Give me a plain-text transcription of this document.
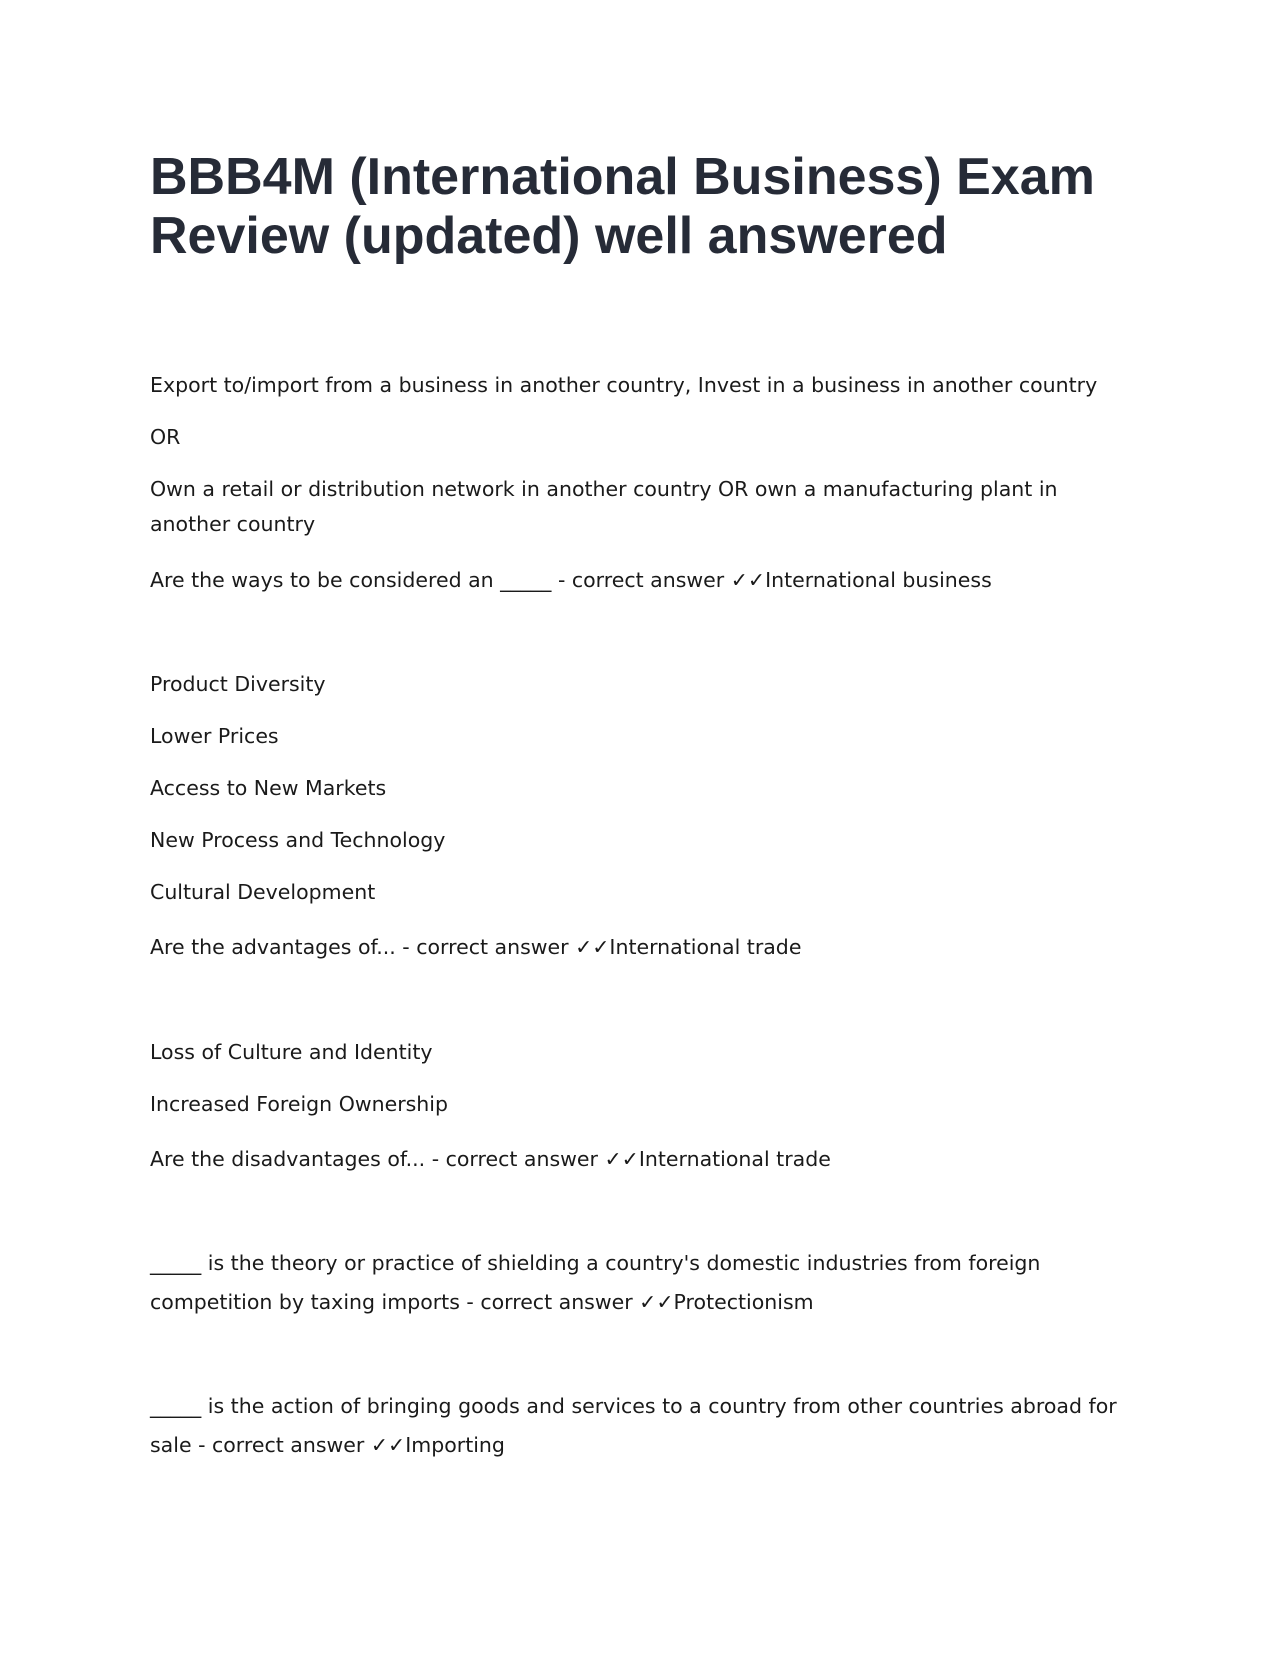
BBB4M (International Business) Exam
Review (updated) well answered

Export to/import from a business in another country, Invest in a business in another country

OR

Own a retail or distribution network in another country OR own a manufacturing plant in

another country

Are the ways to be considered an _____ - correct answer ✓✓International business

Product Diversity

Lower Prices

Access to New Markets

New Process and Technology

Cultural Development

Are the advantages of... - correct answer ✓✓International trade

Loss of Culture and Identity

Increased Foreign Ownership

Are the disadvantages of... - correct answer ✓✓International trade

_____ is the theory or practice of shielding a country's domestic industries from foreign

competition by taxing imports - correct answer ✓✓Protectionism

_____ is the action of bringing goods and services to a country from other countries abroad for

sale - correct answer ✓✓Importing
